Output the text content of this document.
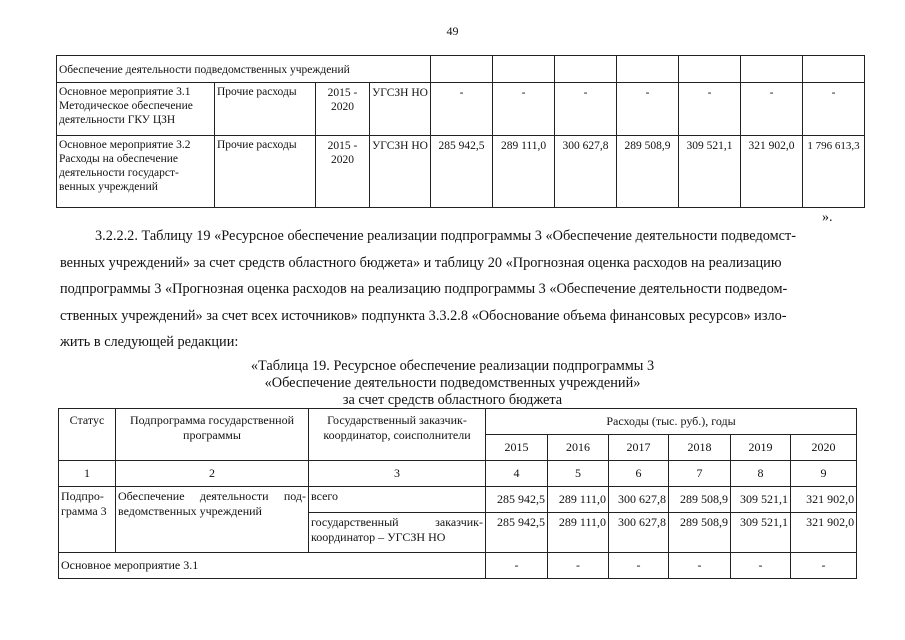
49
Обеспечение деятельности подведомственных учреждений										

Основное мероприятие 3.1
Методическое обеспечение
деятельности ГКУ ЦЗН	Прочие расходы	2015 - 2020	УГСЗН НО	-	-	-	-	-	-	-

Основное мероприятие 3.2
Расходы на обеспечение
деятельности государст-
венных учреждений	Прочие расходы	2015 - 2020	УГСЗН НО	285 942,5	289 111,0	300 627,8	289 508,9	309 521,1	321 902,0	1 796 613,3
».

3.2.2.2. Таблицу 19 «Ресурсное обеспечение реализации подпрограммы 3 «Обеспечение деятельности подведомст-

венных учреждений» за счет средств областного бюджета» и таблицу 20 «Прогнозная оценка расходов на реализацию

подпрограммы 3 «Прогнозная оценка расходов на реализацию подпрограммы 3 «Обеспечение деятельности подведом-

ственных учреждений» за счет всех источников» подпункта 3.3.2.8 «Обоснование объема финансовых ресурсов» изло-

жить в следующей редакции:

«Таблица 19. Ресурсное обеспечение реализации подпрограммы 3
«Обеспечение деятельности подведомственных учреждений»
за счет средств областного бюджета
Статус	Подпрограмма государственной программы	Государственный заказчик-координатор, соисполнители	Расходы (тыс. руб.), годы					
			2015	2016	2017	2018	2019	2020
1	2	3	4	5	6	7	8	9
Подпро-грамма 3	Обеспечение деятельности под-ведомственных учреждений	всего	285 942,5	289 111,0	300 627,8	289 508,9	309 521,1	321 902,0
		государственный заказчик-координатор – УГСЗН НО	285 942,5	289 111,0	300 627,8	289 508,9	309 521,1	321 902,0
Основное мероприятие 3.1			-	-	-	-	-	-
